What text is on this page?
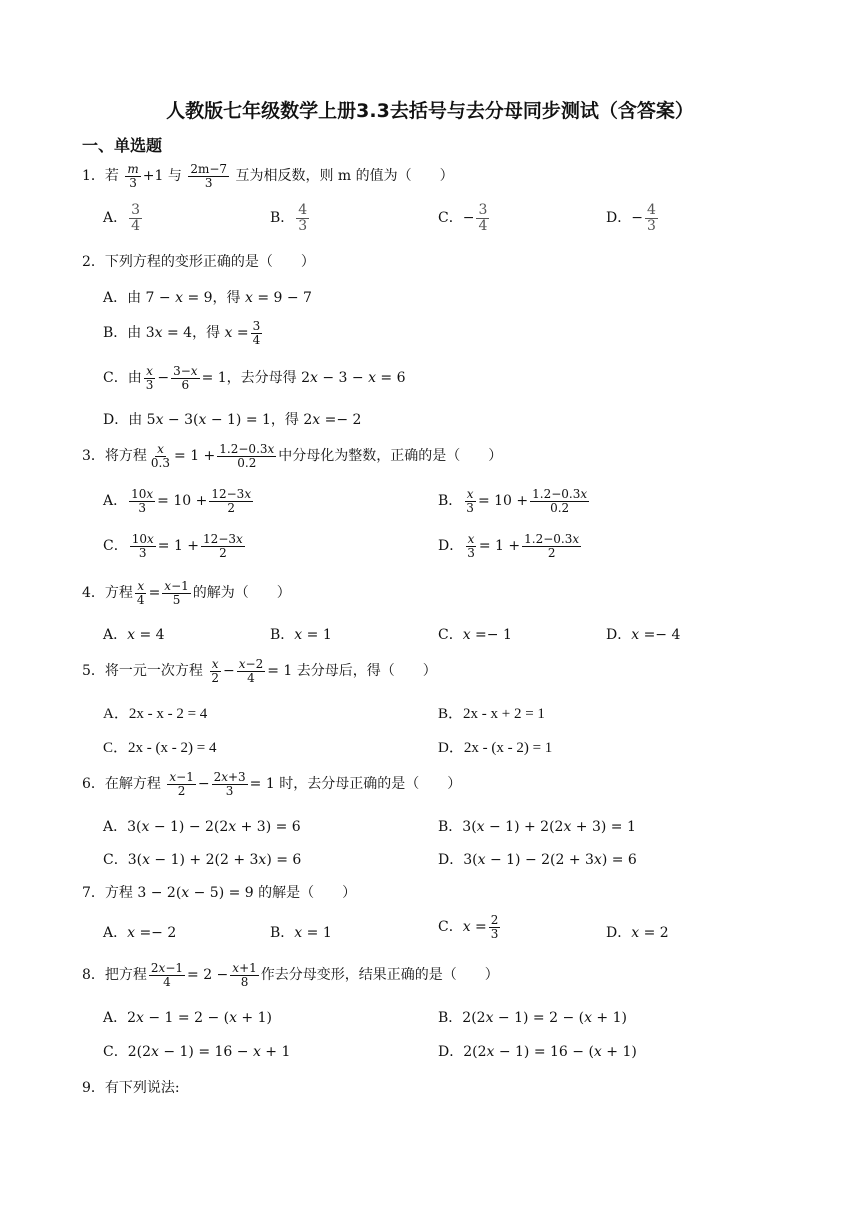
人教版七年级数学上册3.3去括号与去分母同步测试（含答案）
一、单选题
1．若 $\frac{m}{3} +1$ 与 $\frac{2m-7}{3}$ 互为相反数，则 m 的值为（　　）
A． $\frac{3}{4}$	B． $\frac{4}{3}$	C．− $\frac{3}{4}$	D．− $\frac{4}{3}$
2．下列方程的变形正确的是（　　）
A．由 7 − 𝑥 = 9，得 𝑥 = 9 − 7
B．由 3𝑥 = 4，得 𝑥 = $\frac{3}{4}$
C．由 $\frac{\text{𝑥}}{3} - \frac{\text{3−𝑥}}{6} = 1$，去分母得 2𝑥 − 3 − 𝑥 = 6
D．由 5𝑥 − 3(𝑥 − 1) = 1，得 2𝑥 =− 2
3．将方程 $\frac{\text{𝑥}}{0.3} = 1 + \frac{\text{1.2−0.3𝑥}}{0.2}$ 中分母化为整数，正确的是（　　）
A． $\frac{\text{10𝑥}}{3} = 10 + \frac{\text{12−3𝑥}}{2}$	B． $\frac{\text{𝑥}}{3} = 10 + \frac{\text{1.2−0.3𝑥}}{0.2}$
C． $\frac{\text{10𝑥}}{3} = 1 + \frac{\text{12−3𝑥}}{2}$	D． $\frac{\text{𝑥}}{3} = 1 + \frac{\text{1.2−0.3𝑥}}{2}$
4．方程 $\frac{\text{𝑥}}{4} = \frac{\text{𝑥−1}}{5}$ 的解为（　　）
A．𝑥 = 4	B．𝑥 = 1	C．𝑥 =− 1	D．𝑥 =− 4
5．将一元一次方程 $\frac{\text{𝑥}}{2} - \frac{\text{𝑥−2}}{4} = 1$ 去分母后，得（　　）
A．2x - x - 2 = 4	B．2x - x + 2 = 1
C．2x - (x - 2) = 4	D．2x - (x - 2) = 1
6．在解方程 $\frac{\text{𝑥−1}}{2} - \frac{\text{2𝑥+3}}{3} = 1$ 时，去分母正确的是（　　）
A．3(𝑥 − 1) − 2(2𝑥 + 3) = 6	B．3(𝑥 − 1) + 2(2𝑥 + 3) = 1
C．3(𝑥 − 1) + 2(2 + 3𝑥) = 6	D．3(𝑥 − 1) − 2(2 + 3𝑥) = 6
7．方程 3 − 2(𝑥 − 5) = 9 的解是（　　）
A．𝑥 =− 2	B．𝑥 = 1	C．𝑥 = $\frac{2}{3}$	D．𝑥 = 2
8．把方程 $\frac{\text{2𝑥−1}}{4} = 2 - \frac{\text{𝑥+1}}{8}$ 作去分母变形，结果正确的是（　　）
A．2𝑥 − 1 = 2 − (𝑥 + 1)	B．2(2𝑥 − 1) = 2 − (𝑥 + 1)
C．2(2𝑥 − 1) = 16 − 𝑥 + 1	D．2(2𝑥 − 1) = 16 − (𝑥 + 1)
9．有下列说法:
